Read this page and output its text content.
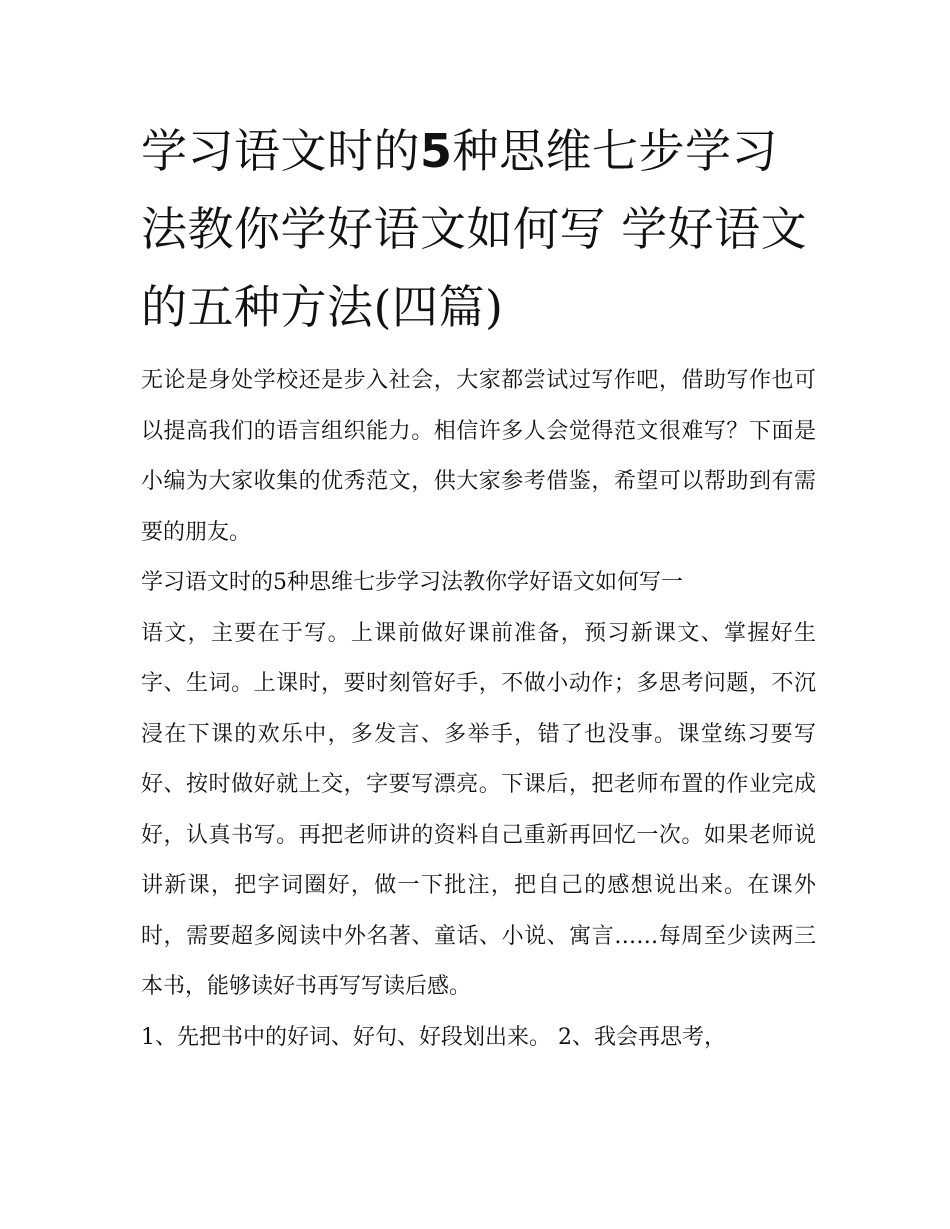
学习语文时的5种思维七步学习法教你学好语文如何写 学好语文的五种方法(四篇)

无论是身处学校还是步入社会，大家都尝试过写作吧，借助写作也可以提高我们的语言组织能力。相信许多人会觉得范文很难写？下面是小编为大家收集的优秀范文，供大家参考借鉴，希望可以帮助到有需要的朋友。

学习语文时的5种思维七步学习法教你学好语文如何写一

语文，主要在于写。上课前做好课前准备，预习新课文、掌握好生字、生词。上课时，要时刻管好手，不做小动作；多思考问题，不沉浸在下课的欢乐中，多发言、多举手，错了也没事。课堂练习要写好、按时做好就上交，字要写漂亮。下课后，把老师布置的作业完成好，认真书写。再把老师讲的资料自己重新再回忆一次。如果老师说讲新课，把字词圈好，做一下批注，把自己的感想说出来。在课外时，需要超多阅读中外名著、童话、小说、寓言……每周至少读两三本书，能够读好书再写写读后感。

1、先把书中的好词、好句、好段划出来。 2、我会再思考，
